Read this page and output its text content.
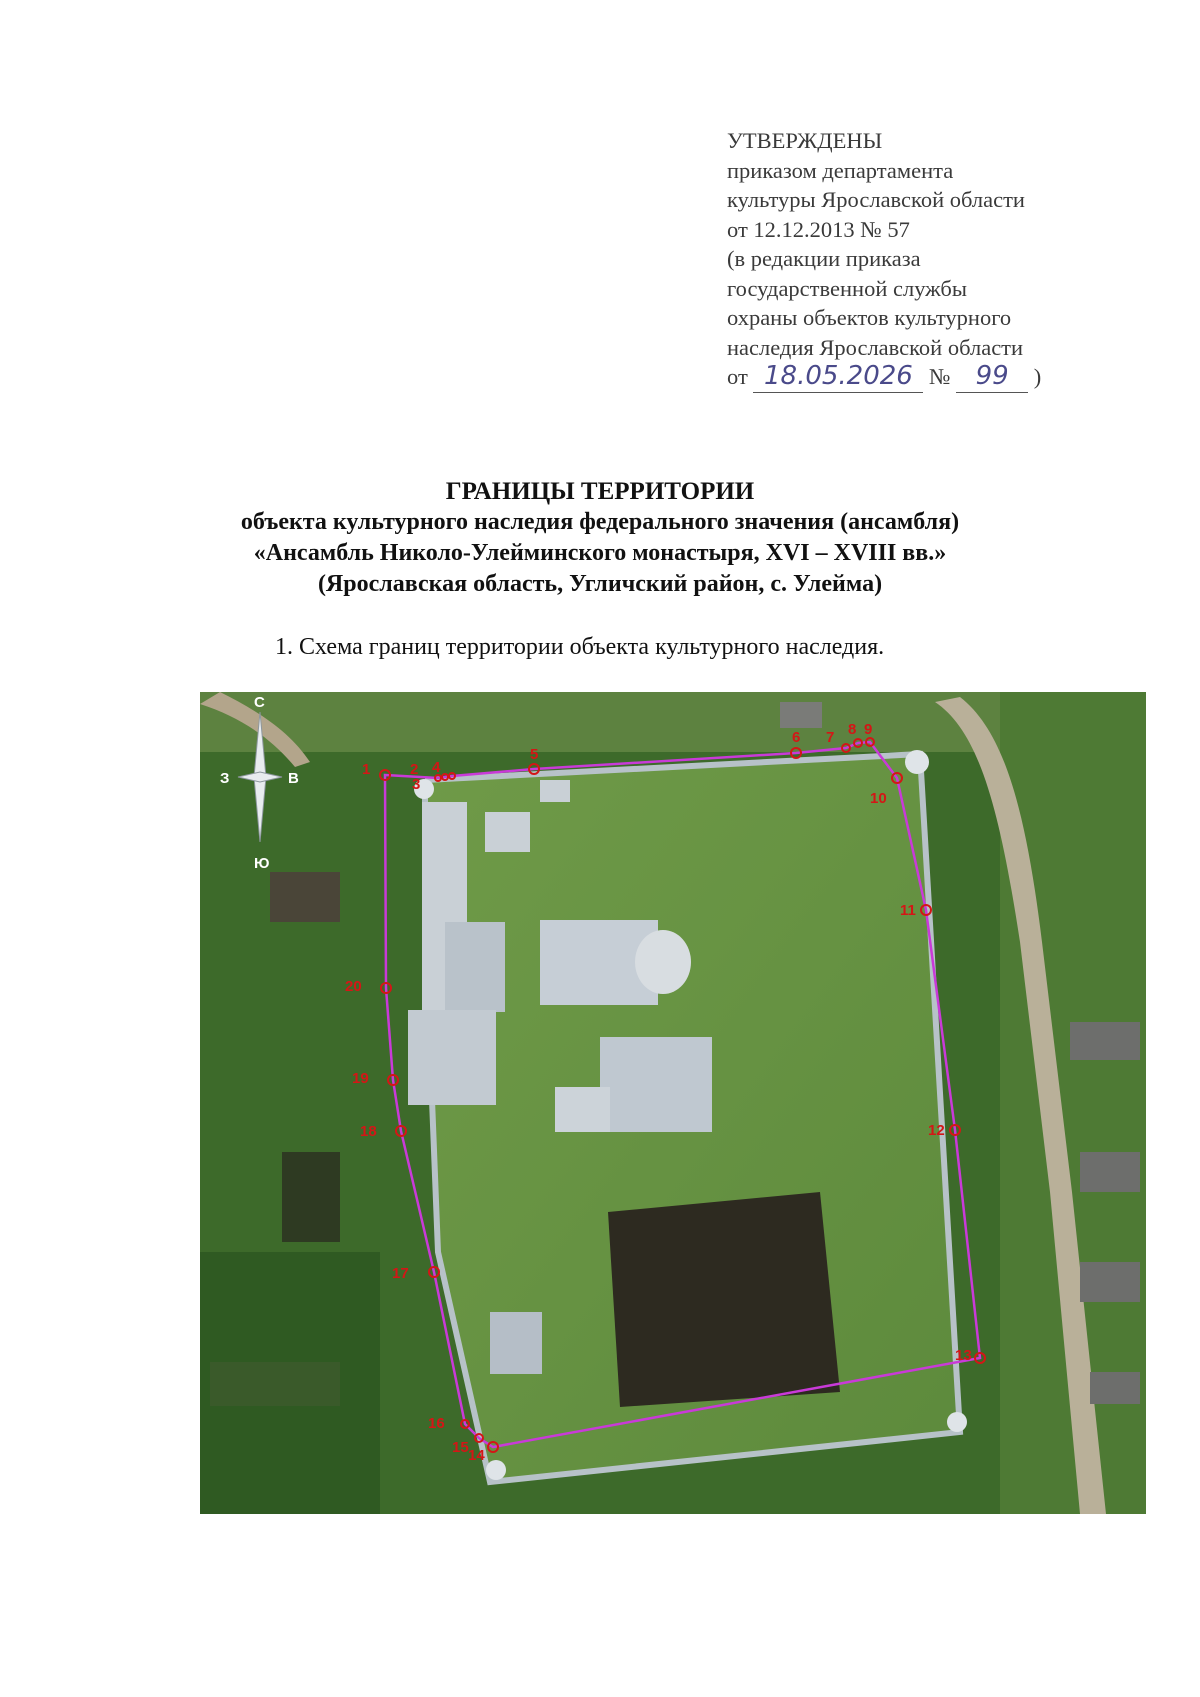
УТВЕРЖДЕНЫ
приказом департамента
культуры Ярославской области
от 12.12.2013 № 57
(в редакции приказа
государственной службы
охраны объектов культурного
наследия Ярославской области
от 18.05.2026 № 99 )
ГРАНИЦЫ ТЕРРИТОРИИ
объекта культурного наследия федерального значения (ансамбля)
«Ансамбль Николо-Улейминского монастыря, XVI – XVIII вв.»
(Ярославская область, Угличский район, с. Улейма)
1. Схема границ территории объекта культурного наследия.
1	2
3
4
5
6 7 8 9
10
11
12
13
14
15
16
17
18
19
20
С
Ю
З	В
